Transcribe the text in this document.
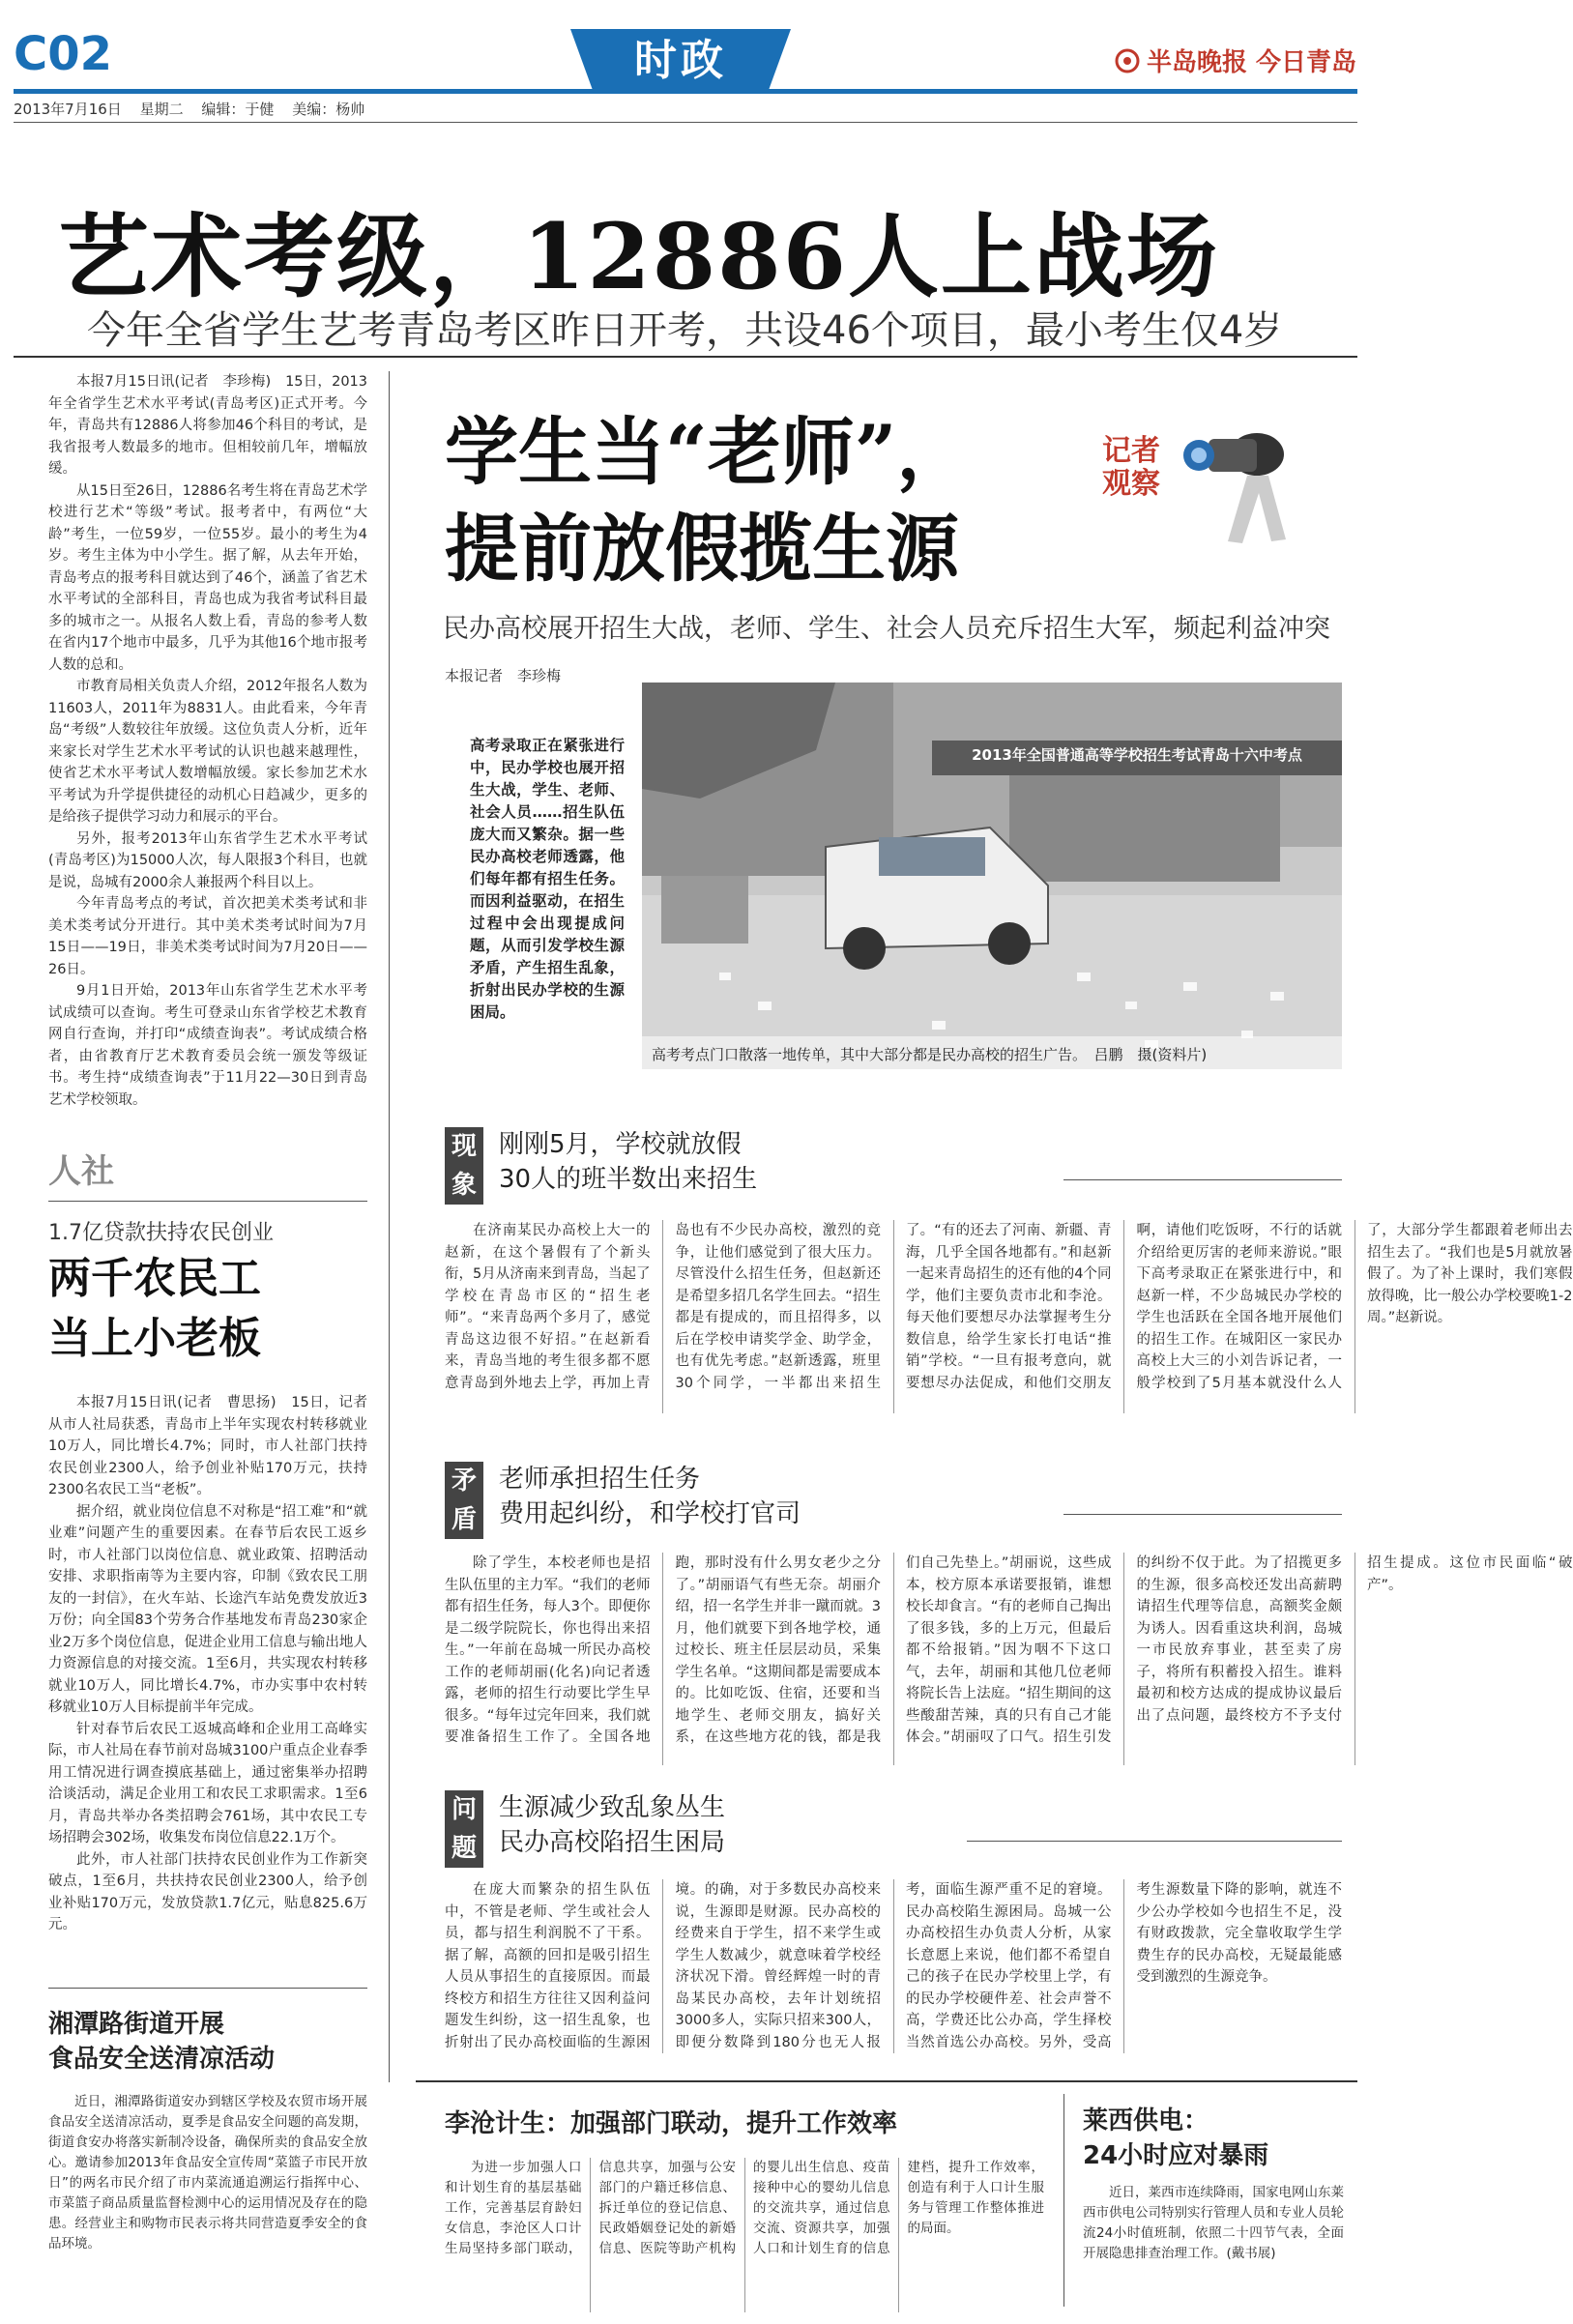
C02	时政	半岛晚报 今日青岛
2013年7月16日 星期二 编辑：于健 美编：杨帅
艺术考级，12886人上战场
今年全省学生艺考青岛考区昨日开考，共设46个项目，最小考生仅4岁

本报7月15日讯(记者　李珍梅)　15日，2013年全省学生艺术水平考试(青岛考区)正式开考。今年，青岛共有12886人将参加46个科目的考试，是我省报考人数最多的地市。但相较前几年，增幅放缓。

从15日至26日，12886名考生将在青岛艺术学校进行艺术“等级”考试。报考者中，有两位“大龄”考生，一位59岁，一位55岁。最小的考生为4岁。考生主体为中小学生。据了解，从去年开始，青岛考点的报考科目就达到了46个，涵盖了省艺术水平考试的全部科目，青岛也成为我省考试科目最多的城市之一。从报名人数上看，青岛的参考人数在省内17个地市中最多，几乎为其他16个地市报考人数的总和。

市教育局相关负责人介绍，2012年报名人数为11603人，2011年为8831人。由此看来，今年青岛“考级”人数较往年放缓。这位负责人分析，近年来家长对学生艺术水平考试的认识也越来越理性，使省艺术水平考试人数增幅放缓。家长参加艺术水平考试为升学提供捷径的动机心日趋减少，更多的是给孩子提供学习动力和展示的平台。

另外，报考2013年山东省学生艺术水平考试(青岛考区)为15000人次，每人限报3个科目，也就是说，岛城有2000余人兼报两个科目以上。

今年青岛考点的考试，首次把美术类考试和非美术类考试分开进行。其中美术类考试时间为7月15日——19日，非美术类考试时间为7月20日——26日。

9月1日开始，2013年山东省学生艺术水平考试成绩可以查询。考生可登录山东省学校艺术教育网自行查询，并打印“成绩查询表”。考试成绩合格者，由省教育厅艺术教育委员会统一颁发等级证书。考生持“成绩查询表”于11月22—30日到青岛艺术学校领取。

人社
1.7亿贷款扶持农民创业
两千农民工
当上小老板

本报7月15日讯(记者　曹思扬)　15日，记者从市人社局获悉，青岛市上半年实现农村转移就业10万人，同比增长4.7%；同时，市人社部门扶持农民创业2300人，给予创业补贴170万元，扶持2300名农民工当“老板”。

据介绍，就业岗位信息不对称是“招工难”和“就业难”问题产生的重要因素。在春节后农民工返乡时，市人社部门以岗位信息、就业政策、招聘活动安排、求职指南等为主要内容，印制《致农民工朋友的一封信》，在火车站、长途汽车站免费发放近3万份；向全国83个劳务合作基地发布青岛230家企业2万多个岗位信息，促进企业用工信息与输出地人力资源信息的对接交流。1至6月，共实现农村转移就业10万人，同比增长4.7%，市办实事中农村转移就业10万人目标提前半年完成。

针对春节后农民工返城高峰和企业用工高峰实际，市人社局在春节前对岛城3100户重点企业春季用工情况进行调查摸底基础上，通过密集举办招聘洽谈活动，满足企业用工和农民工求职需求。1至6月，青岛共举办各类招聘会761场，其中农民工专场招聘会302场，收集发布岗位信息22.1万个。

此外，市人社部门扶持农民创业作为工作新突破点，1至6月，共扶持农民创业2300人，给予创业补贴170万元，发放贷款1.7亿元，贴息825.6万元。

湘潭路街道开展
食品安全送清凉活动

近日，湘潭路街道安办到辖区学校及农贸市场开展食品安全送清凉活动，夏季是食品安全问题的高发期，街道食安办将落实新制冷设备，确保所卖的食品安全放心。邀请参加2013年食品安全宣传周“菜篮子市民开放日”的两名市民介绍了市内菜流通追溯运行指挥中心、市菜篮子商品质量监督检测中心的运用情况及存在的隐患。经营业主和购物市民表示将共同营造夏季安全的食品环境。

学生当“老师”，
提前放假揽生源
记者观察
民办高校展开招生大战，老师、学生、社会人员充斥招生大军，频起利益冲突
本报记者　李珍梅
高考录取正在紧张进行中，民办学校也展开招生大战，学生、老师、社会人员……招生队伍庞大而又繁杂。据一些民办高校老师透露，他们每年都有招生任务。而因利益驱动，在招生过程中会出现提成问题，从而引发学校生源矛盾，产生招生乱象，折射出民办学校的生源困局。
2013年全国普通高等学校招生考试青岛十六中考点
高考考点门口散落一地传单，其中大部分都是民办高校的招生广告。　吕鹏　摄(资料片)
现象
刚刚5月，学校就放假
30人的班半数出来招生

在济南某民办高校上大一的赵新，在这个暑假有了个新头衔，5月从济南来到青岛，当起了学校在青岛市区的“招生老师”。“来青岛两个多月了，感觉青岛这边很不好招。”在赵新看来，青岛当地的考生很多都不愿意青岛到外地去上学，再加上青岛也有不少民办高校，激烈的竞争，让他们感觉到了很大压力。尽管没什么招生任务，但赵新还是希望多招几名学生回去。“招生都是有提成的，而且招得多，以后在学校申请奖学金、助学金，也有优先考虑。”赵新透露，班里30个同学，一半都出来招生了。“有的还去了河南、新疆、青海，几乎全国各地都有。”和赵新一起来青岛招生的还有他的4个同学，他们主要负责市北和李沧。每天他们要想尽办法掌握考生分数信息，给学生家长打电话“推销”学校。“一旦有报考意向，就要想尽办法促成，和他们交朋友啊，请他们吃饭呀，不行的话就介绍给更厉害的老师来游说。”眼下高考录取正在紧张进行中，和赵新一样，不少岛城民办学校的学生也活跃在全国各地开展他们的招生工作。在城阳区一家民办高校上大三的小刘告诉记者，一般学校到了5月基本就没什么人了，大部分学生都跟着老师出去招生去了。“我们也是5月就放暑假了。为了补上课时，我们寒假放得晚，比一般公办学校要晚1-2周。”赵新说。

矛盾
老师承担招生任务
费用起纠纷，和学校打官司

除了学生，本校老师也是招生队伍里的主力军。“我们的老师都有招生任务，每人3个。即便你是二级学院院长，你也得出来招生。”一年前在岛城一所民办高校工作的老师胡丽(化名)向记者透露，老师的招生行动要比学生早很多。“每年过完年回来，我们就要准备招生工作了。全国各地跑，那时没有什么男女老少之分了。”胡丽语气有些无奈。胡丽介绍，招一名学生并非一蹴而就。3月，他们就要下到各地学校，通过校长、班主任层层动员，采集学生名单。“这期间都是需要成本的。比如吃饭、住宿，还要和当地学生、老师交朋友，搞好关系，在这些地方花的钱，都是我们自己先垫上。”胡丽说，这些成本，校方原本承诺要报销，谁想校长却食言。“有的老师自己掏出了很多钱，多的上万元，但最后都不给报销。”因为咽不下这口气，去年，胡丽和其他几位老师将院长告上法庭。“招生期间的这些酸甜苦辣，真的只有自己才能体会。”胡丽叹了口气。招生引发的纠纷不仅于此。为了招揽更多的生源，很多高校还发出高薪聘请招生代理等信息，高额奖金颇为诱人。因看重这块利润，岛城一市民放弃事业，甚至卖了房子，将所有积蓄投入招生。谁料最初和校方达成的提成协议最后出了点问题，最终校方不予支付招生提成。这位市民面临“破产”。

问题
生源减少致乱象丛生
民办高校陷招生困局

在庞大而繁杂的招生队伍中，不管是老师、学生或社会人员，都与招生利润脱不了干系。据了解，高额的回扣是吸引招生人员从事招生的直接原因。而最终校方和招生方往往又因利益问题发生纠纷，这一招生乱象，也折射出了民办高校面临的生源困境。的确，对于多数民办高校来说，生源即是财源。民办高校的经费来自于学生，招不来学生或学生人数减少，就意味着学校经济状况下滑。曾经辉煌一时的青岛某民办高校，去年计划统招3000多人，实际只招来300人，即便分数降到180分也无人报考，面临生源严重不足的窘境。民办高校陷生源困局。岛城一公办高校招生办负责人分析，从家长意愿上来说，他们都不希望自己的孩子在民办学校里上学，有的民办学校硬件差、社会声誉不高，学费还比公办高，学生择校当然首选公办高校。另外，受高考生源数量下降的影响，就连不少公办学校如今也招生不足，没有财政拨款，完全靠收取学生学费生存的民办高校，无疑最能感受到激烈的生源竞争。

李沧计生：加强部门联动，提升工作效率

为进一步加强人口和计划生育的基层基础工作，完善基层育龄妇女信息，李沧区人口计生局坚持多部门联动，信息共享，加强与公安部门的户籍迁移信息、拆迁单位的登记信息、民政婚姻登记处的新婚信息、医院等助产机构的婴儿出生信息、疫苗接种中心的婴幼儿信息的交流共享，通过信息交流、资源共享，加强人口和计划生育的信息建档，提升工作效率，创造有利于人口计生服务与管理工作整体推进的局面。

莱西供电：
24小时应对暴雨

近日，莱西市连续降雨，国家电网山东莱西市供电公司特别实行管理人员和专业人员轮流24小时值班制，依照二十四节气表，全面开展隐患排查治理工作。(戴书展)
